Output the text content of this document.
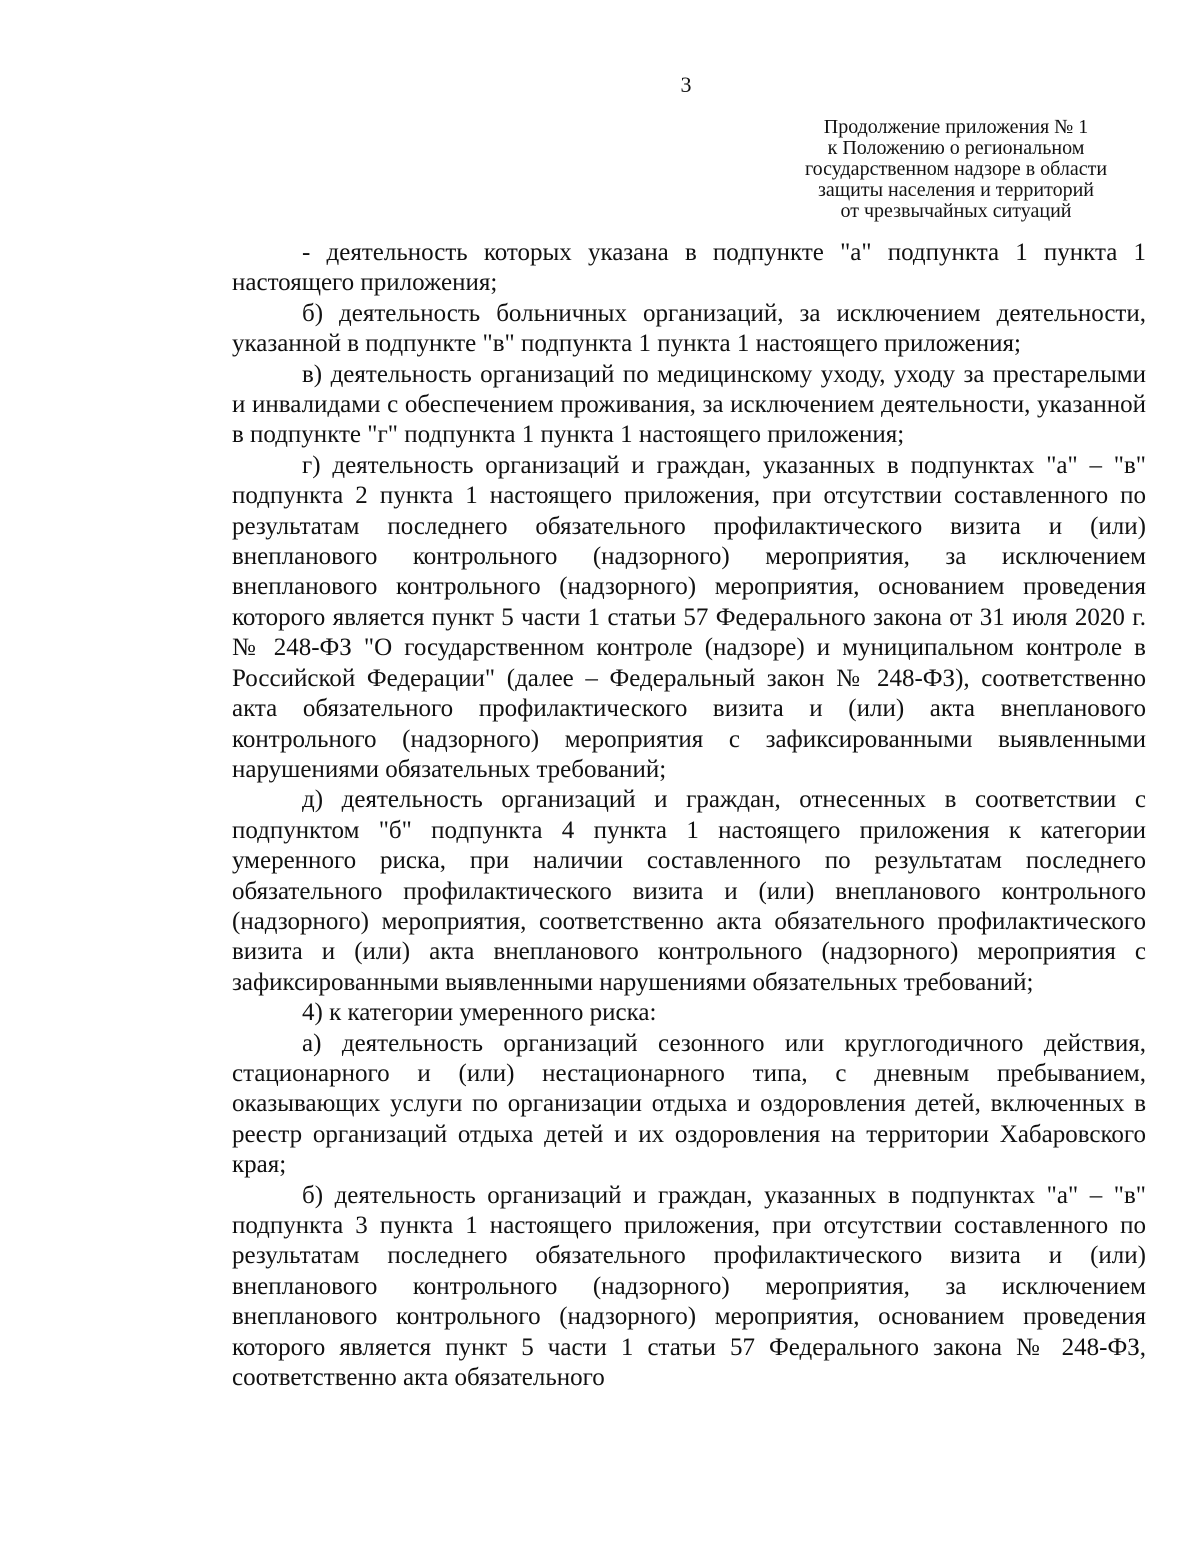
3
Продолжение приложения № 1
к Положению о региональном
государственном надзоре в области
защиты населения и территорий
от чрезвычайных ситуаций

- деятельность которых указана в подпункте "а" подпункта 1 пункта 1 настоящего приложения;

б) деятельность больничных организаций, за исключением деятельности, указанной в подпункте "в" подпункта 1 пункта 1 настоящего приложения;

в) деятельность организаций по медицинскому уходу, уходу за престарелыми и инвалидами с обеспечением проживания, за исключением деятельности, указанной в подпункте "г" подпункта 1 пункта 1 настоящего приложения;

г) деятельность организаций и граждан, указанных в подпунктах "а" – "в" подпункта 2 пункта 1 настоящего приложения, при отсутствии составленного по результатам последнего обязательного профилактического визита и (или) внепланового контрольного (надзорного) мероприятия, за исключением внепланового контрольного (надзорного) мероприятия, основанием проведения которого является пункт 5 части 1 статьи 57 Федерального закона от 31 июля 2020 г. № 248-ФЗ "О государственном контроле (надзоре) и муниципальном контроле в Российской Федерации" (далее – Федеральный закон № 248-ФЗ), соответственно акта обязательного профилактического визита и (или) акта внепланового контрольного (надзорного) мероприятия с зафиксированными выявленными нарушениями обязательных требований;

д) деятельность организаций и граждан, отнесенных в соответствии с подпунктом "б" подпункта 4 пункта 1 настоящего приложения к категории умеренного риска, при наличии составленного по результатам последнего обязательного профилактического визита и (или) внепланового контрольного (надзорного) мероприятия, соответственно акта обязательного профилактического визита и (или) акта внепланового контрольного (надзорного) мероприятия с зафиксированными выявленными нарушениями обязательных требований;

4) к категории умеренного риска:

а) деятельность организаций сезонного или круглогодичного действия, стационарного и (или) нестационарного типа, с дневным пребыванием, оказывающих услуги по организации отдыха и оздоровления детей, включенных в реестр организаций отдыха детей и их оздоровления на территории Хабаровского края;

б) деятельность организаций и граждан, указанных в подпунктах "а" – "в" подпункта 3 пункта 1 настоящего приложения, при отсутствии составленного по результатам последнего обязательного профилактического визита и (или) внепланового контрольного (надзорного) мероприятия, за исключением внепланового контрольного (надзорного) мероприятия, основанием проведения которого является пункт 5 части 1 статьи 57 Федерального закона № 248-ФЗ, соответственно акта обязательного
